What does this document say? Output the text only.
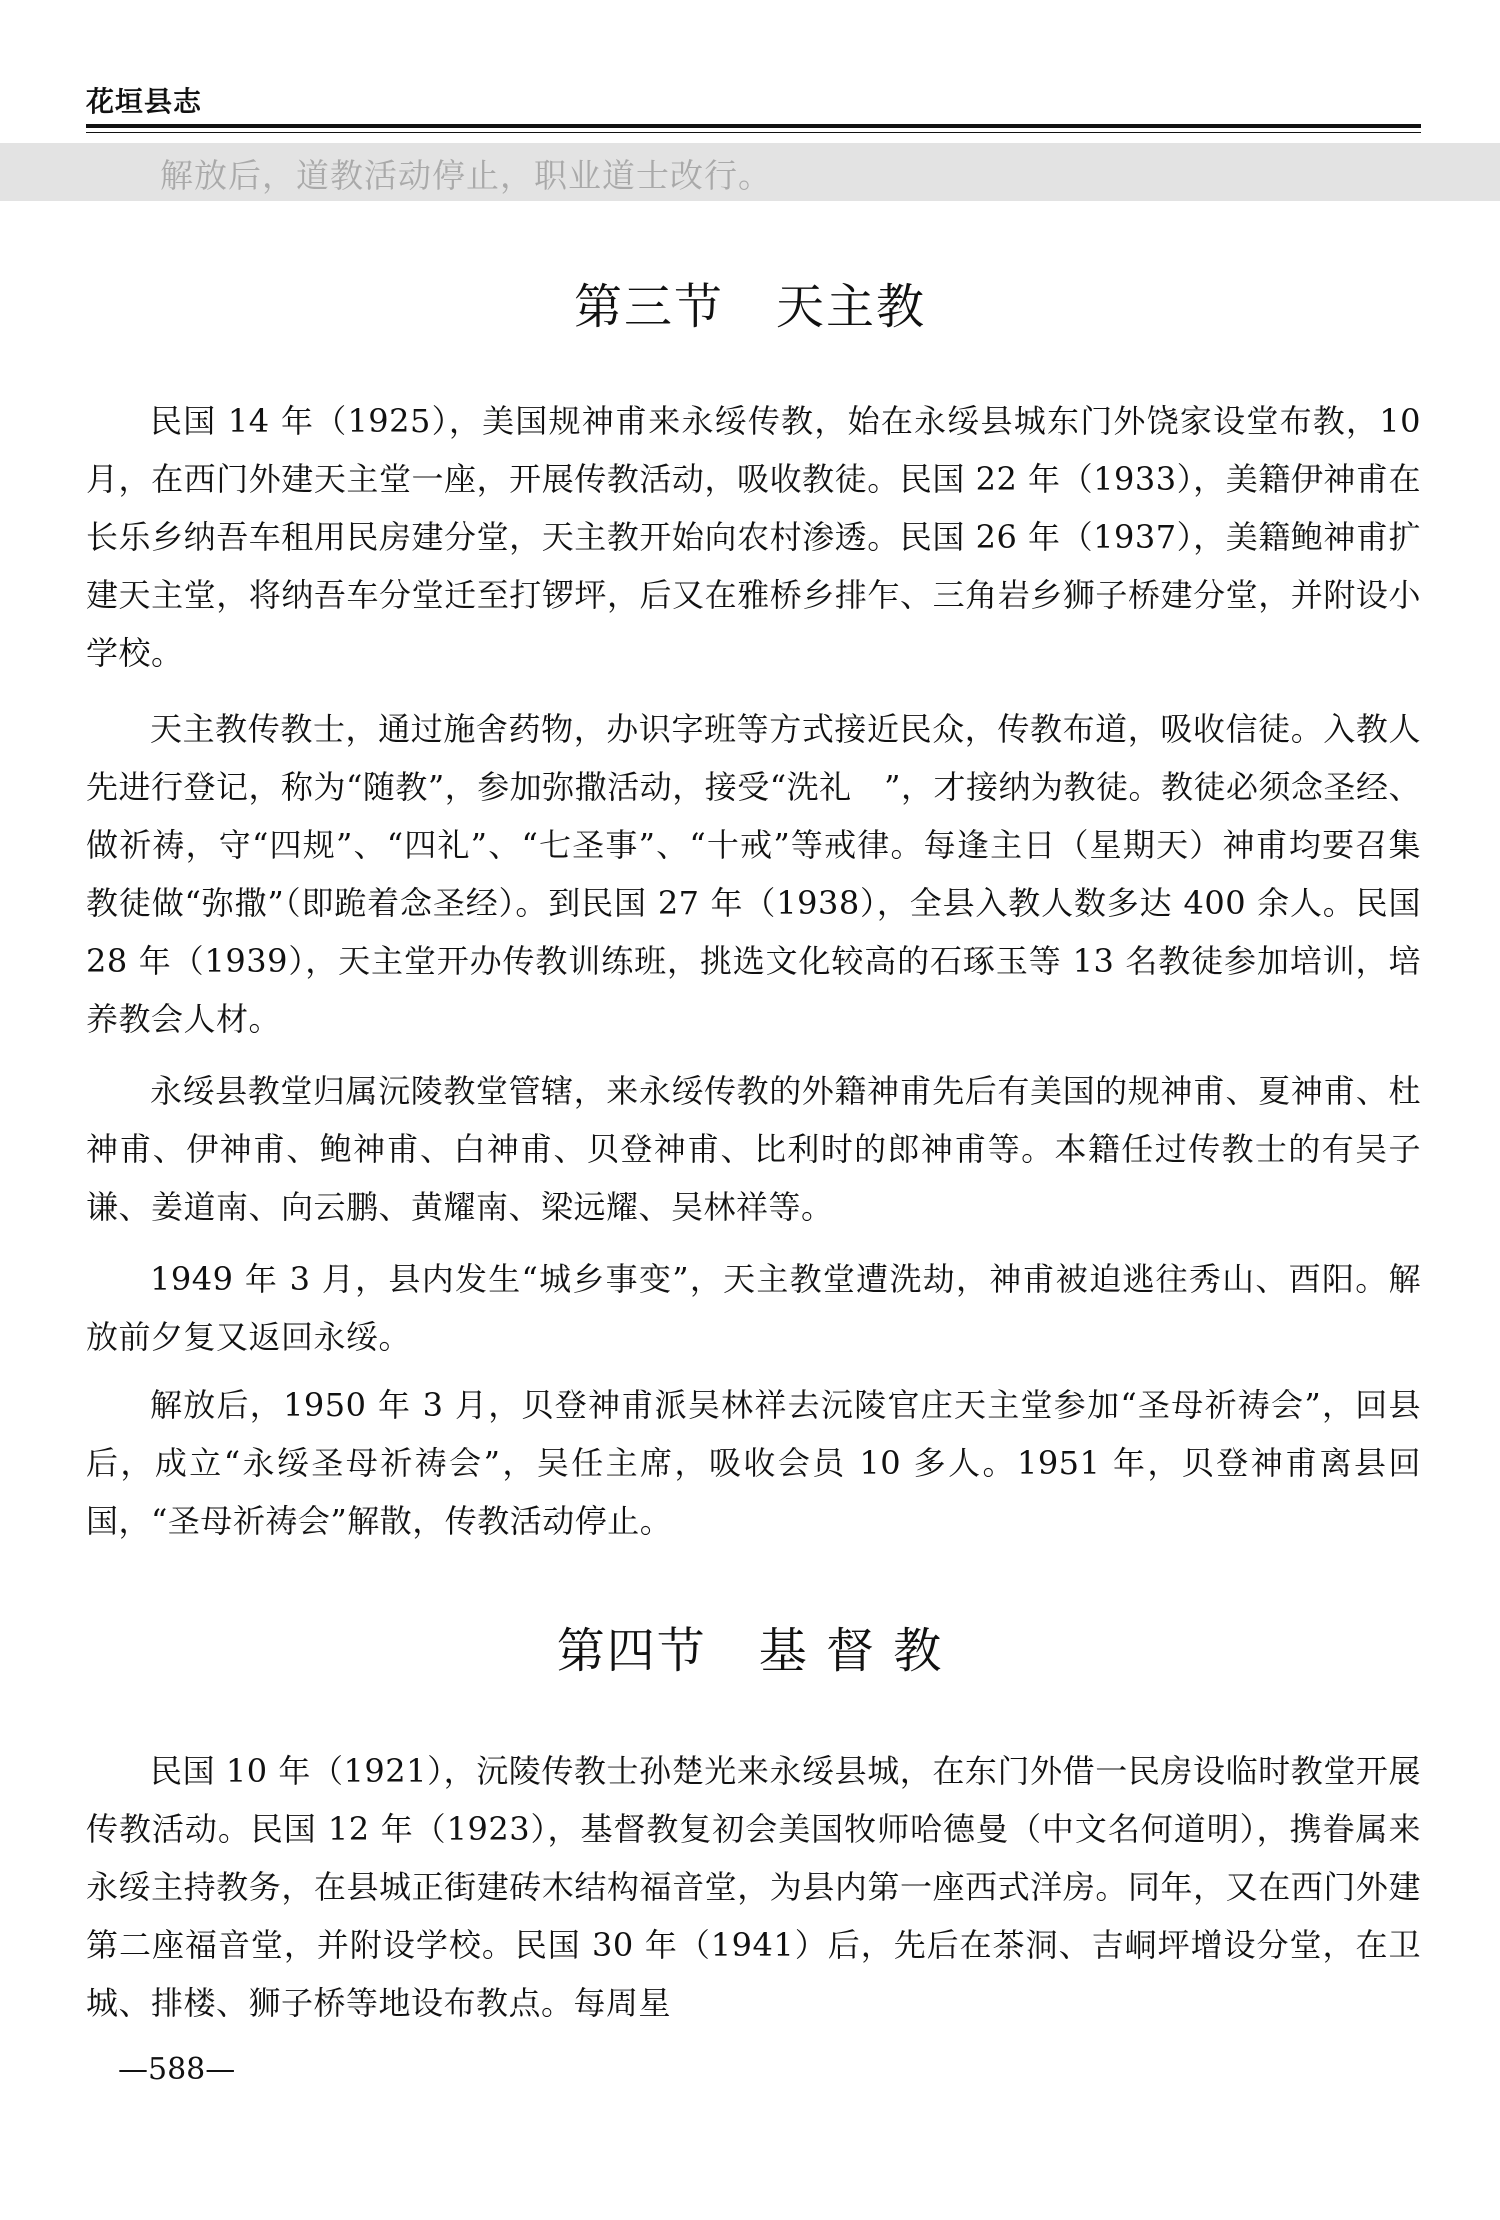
花垣县志
解放后，道教活动停止，职业道士改行。
第三节 天主教

民国 14 年（1925），美国规神甫来永绥传教，始在永绥县城东门外饶家设堂布教，10 月，在西门外建天主堂一座，开展传教活动，吸收教徒。民国 22 年（1933），美籍伊神甫在长乐乡纳吾车租用民房建分堂，天主教开始向农村渗透。民国 26 年（1937），美籍鲍神甫扩建天主堂，将纳吾车分堂迁至打锣坪，后又在雅桥乡排乍、三角岩乡狮子桥建分堂，并附设小学校。

天主教传教士，通过施舍药物，办识字班等方式接近民众，传教布道，吸收信徒。入教人先进行登记，称为“随教”，参加弥撒活动，接受“洗礼　”，才接纳为教徒。教徒必须念圣经、做祈祷，守“四规”、“四礼”、“七圣事”、“十戒”等戒律。每逢主日（星期天）神甫均要召集教徒做“弥撒”（即跪着念圣经）。到民国 27 年（1938），全县入教人数多达 400 余人。民国 28 年（1939），天主堂开办传教训练班，挑选文化较高的石琢玉等 13 名教徒参加培训，培养教会人材。

永绥县教堂归属沅陵教堂管辖，来永绥传教的外籍神甫先后有美国的规神甫、夏神甫、杜神甫、伊神甫、鲍神甫、白神甫、贝登神甫、比利时的郎神甫等。本籍任过传教士的有吴子谦、姜道南、向云鹏、黄耀南、梁远耀、吴林祥等。

1949 年 3 月，县内发生“城乡事变”，天主教堂遭洗劫，神甫被迫逃往秀山、酉阳。解放前夕复又返回永绥。

解放后，1950 年 3 月，贝登神甫派吴林祥去沅陵官庄天主堂参加“圣母祈祷会”，回县后，成立“永绥圣母祈祷会”，吴任主席，吸收会员 10 多人。1951 年，贝登神甫离县回国，“圣母祈祷会”解散，传教活动停止。

第四节 基 督 教

民国 10 年（1921），沅陵传教士孙楚光来永绥县城，在东门外借一民房设临时教堂开展传教活动。民国 12 年（1923），基督教复初会美国牧师哈德曼（中文名何道明），携眷属来永绥主持教务，在县城正街建砖木结构福音堂，为县内第一座西式洋房。同年，又在西门外建第二座福音堂，并附设学校。民国 30 年（1941）后，先后在茶洞、吉峒坪增设分堂，在卫城、排楼、狮子桥等地设布教点。每周星

—588—
